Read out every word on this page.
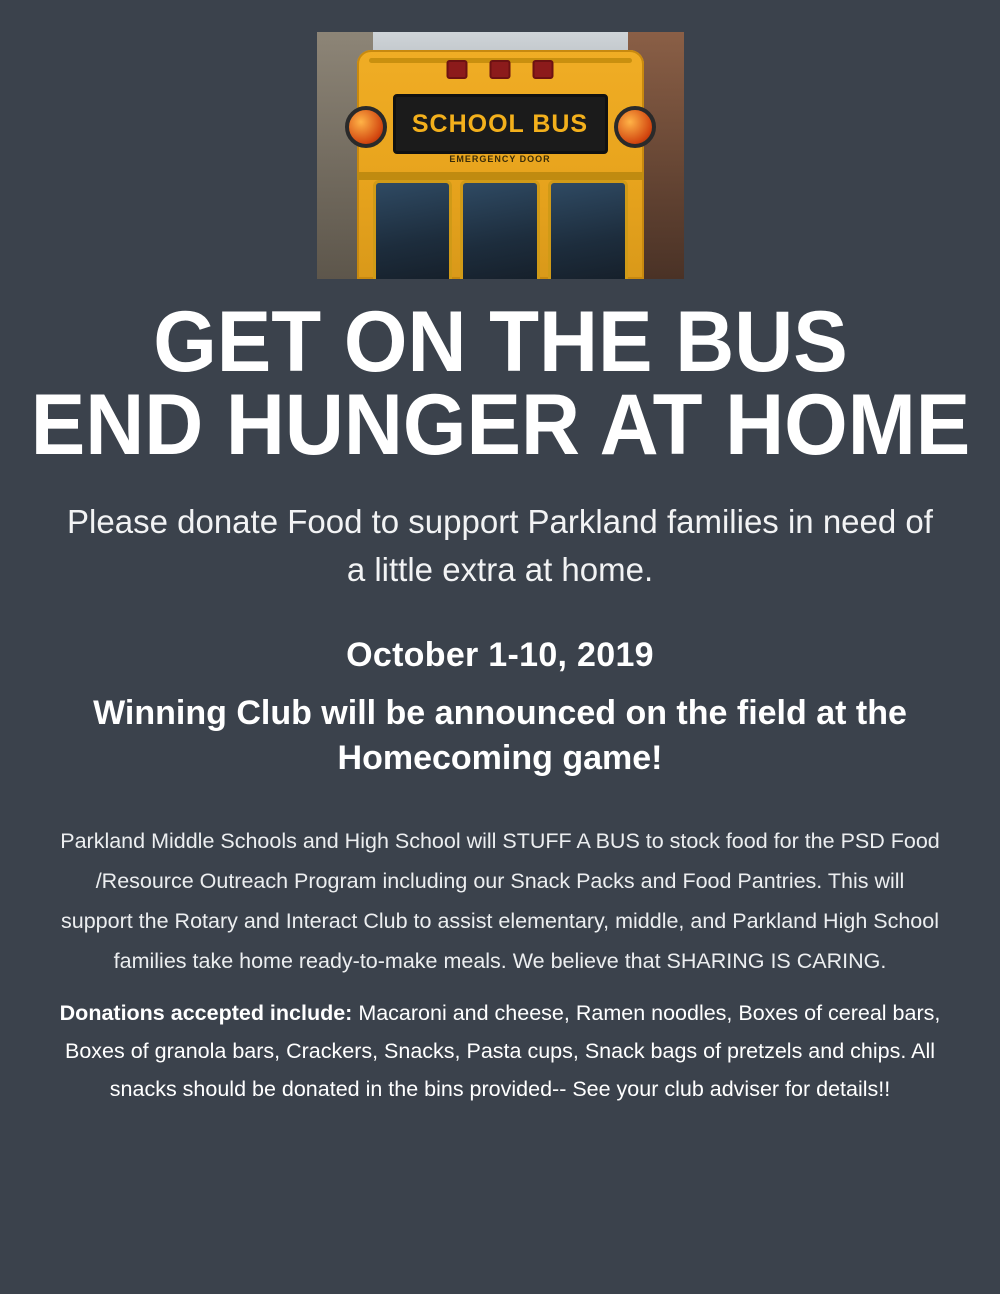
SCHOOL BUS
EMERGENCY DOOR
GET ON THE BUS
END HUNGER AT HOME
Please donate Food to support Parkland families in need of a little extra at home.
October 1-10, 2019
Winning Club will be announced on the field at the Homecoming game!
Parkland Middle Schools and High School will STUFF A BUS to stock food for the PSD Food /Resource Outreach Program including our Snack Packs and Food Pantries. This will support the Rotary and Interact Club to assist elementary, middle, and Parkland High School families take home ready-to-make meals. We believe that SHARING IS CARING.
Donations accepted include: Macaroni and cheese, Ramen noodles, Boxes of cereal bars, Boxes of granola bars, Crackers, Snacks, Pasta cups, Snack bags of pretzels and chips. All snacks should be donated in the bins provided-- See your club adviser for details!!
